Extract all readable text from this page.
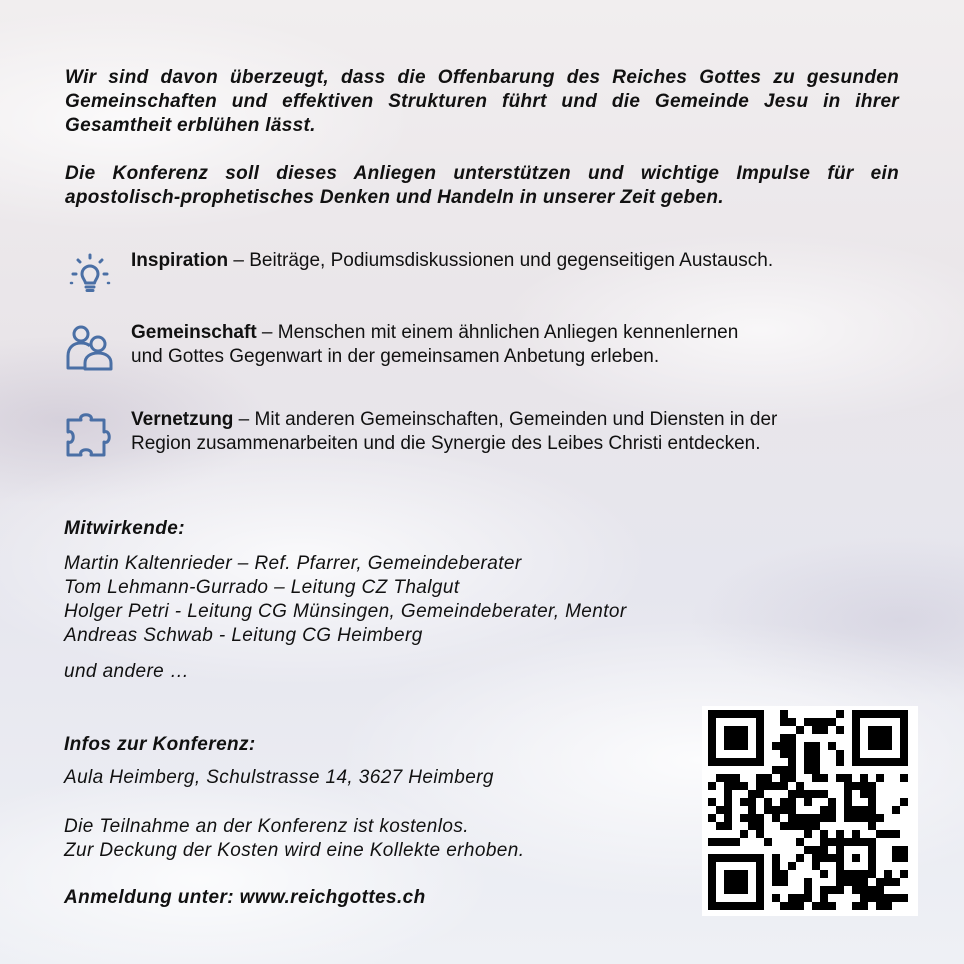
Wir sind davon überzeugt, dass die Offenbarung des Reiches Gottes zu gesunden Gemeinschaften und effektiven Strukturen führt und die Gemeinde Jesu in ihrer Gesamtheit erblühen lässt.
Die Konferenz soll dieses Anliegen unterstützen und wichtige Impulse für ein apostolisch-prophetisches Denken und Handeln in unserer Zeit geben.
Inspiration – Beiträge, Podiumsdiskussionen und gegenseitigen Austausch.
Gemeinschaft – Menschen mit einem ähnlichen Anliegen kennenlernen
und Gottes Gegenwart in der gemeinsamen Anbetung erleben.
Vernetzung – Mit anderen Gemeinschaften, Gemeinden und Diensten in der
Region zusammenarbeiten und die Synergie des Leibes Christi entdecken.
Mitwirkende:
Martin Kaltenrieder – Ref. Pfarrer, Gemeindeberater
Tom Lehmann-Gurrado – Leitung CZ Thalgut
Holger Petri - Leitung CG Münsingen, Gemeindeberater, Mentor
Andreas Schwab - Leitung CG Heimberg
und andere …
Infos zur Konferenz:
Aula Heimberg, Schulstrasse 14, 3627 Heimberg
Die Teilnahme an der Konferenz ist kostenlos.
Zur Deckung der Kosten wird eine Kollekte erhoben.
Anmeldung unter: www.reichgottes.ch
